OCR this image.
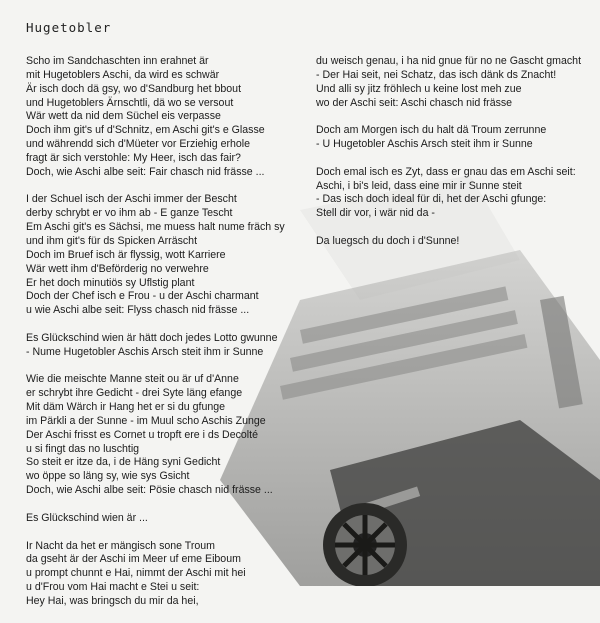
Hugetobler
Scho im Sandchaschten inn erahnet är
mit Hugetoblers Aschi, da wird es schwär
Är isch doch dä gsy, wo d'Sandburg het bbout
und Hugetoblers Ärnschtli, dä wo se versout
Wär wett da nid dem Süchel eis verpasse
Doch ihm git's uf d'Schnitz, em Aschi git's e Glasse
und währendd sich d'Müeter vor Erziehig erhole
fragt är sich verstohle: My Heer, isch das fair?
Doch, wie Aschi albe seit: Fair chasch nid frässe ...
I der Schuel isch der Aschi immer der Bescht
derby schrybt er vo ihm ab - E ganze Tescht
Em Aschi git's es Sächsi, me muess halt nume fräch sy
und ihm git's für ds Spicken Arräscht
Doch im Bruef isch är flyssig, wott Karriere
Wär wett ihm d'Beförderig no verwehre
Er het doch minutiös sy Uflstig plant
Doch der Chef isch e Frou - u der Aschi charmant
u wie Aschi albe seit: Flyss chasch nid frässe ...
Es Glückschind wien är hätt doch jedes Lotto gwunne
- Nume Hugetobler Aschis Arsch steit ihm ir Sunne
Wie die meischte Manne steit ou är uf d'Anne
er schrybt ihre Gedicht - drei Syte läng efange
Mit däm Wärch ir Hang het er si du gfunge
im Pärkli a der Sunne - im Muul scho Aschis Zunge
Der Aschi frisst es Cornet u tropft ere i ds Decolté
u si fingt das no luschtig
So steit er itze da, i de Häng syni Gedicht
wo öppe so läng sy, wie sys Gsicht
Doch, wie Aschi albe seit: Pösie chasch nid frässe ...
Es Glückschind wien är ...
Ir Nacht da het er mängisch sone Troum
da gseht är der Aschi im Meer uf eme Eiboum
u prompt chunnt e Hai, nimmt der Aschi mit hei
u d'Frou vom Hai macht e Stei u seit:
Hey Hai, was bringsch du mir da hei,
du weisch genau, i ha nid gnue für no ne Gascht gmacht
- Der Hai seit, nei Schatz, das isch dänk ds Znacht!
Und alli sy jitz fröhlech u keine lost meh zue
wo der Aschi seit: Aschi chasch nid frässe
Doch am Morgen isch du halt dä Troum zerrunne
- U Hugetobler Aschis Arsch steit ihm ir Sunne
Doch emal isch es Zyt, dass er gnau das em Aschi seit:
Aschi, i bi's leid, dass eine mir ir Sunne steit
- Das isch doch ideal für di, het der Aschi gfunge:
Stell dir vor, i wär nid da -
Da luegsch du doch i d'Sunne!
